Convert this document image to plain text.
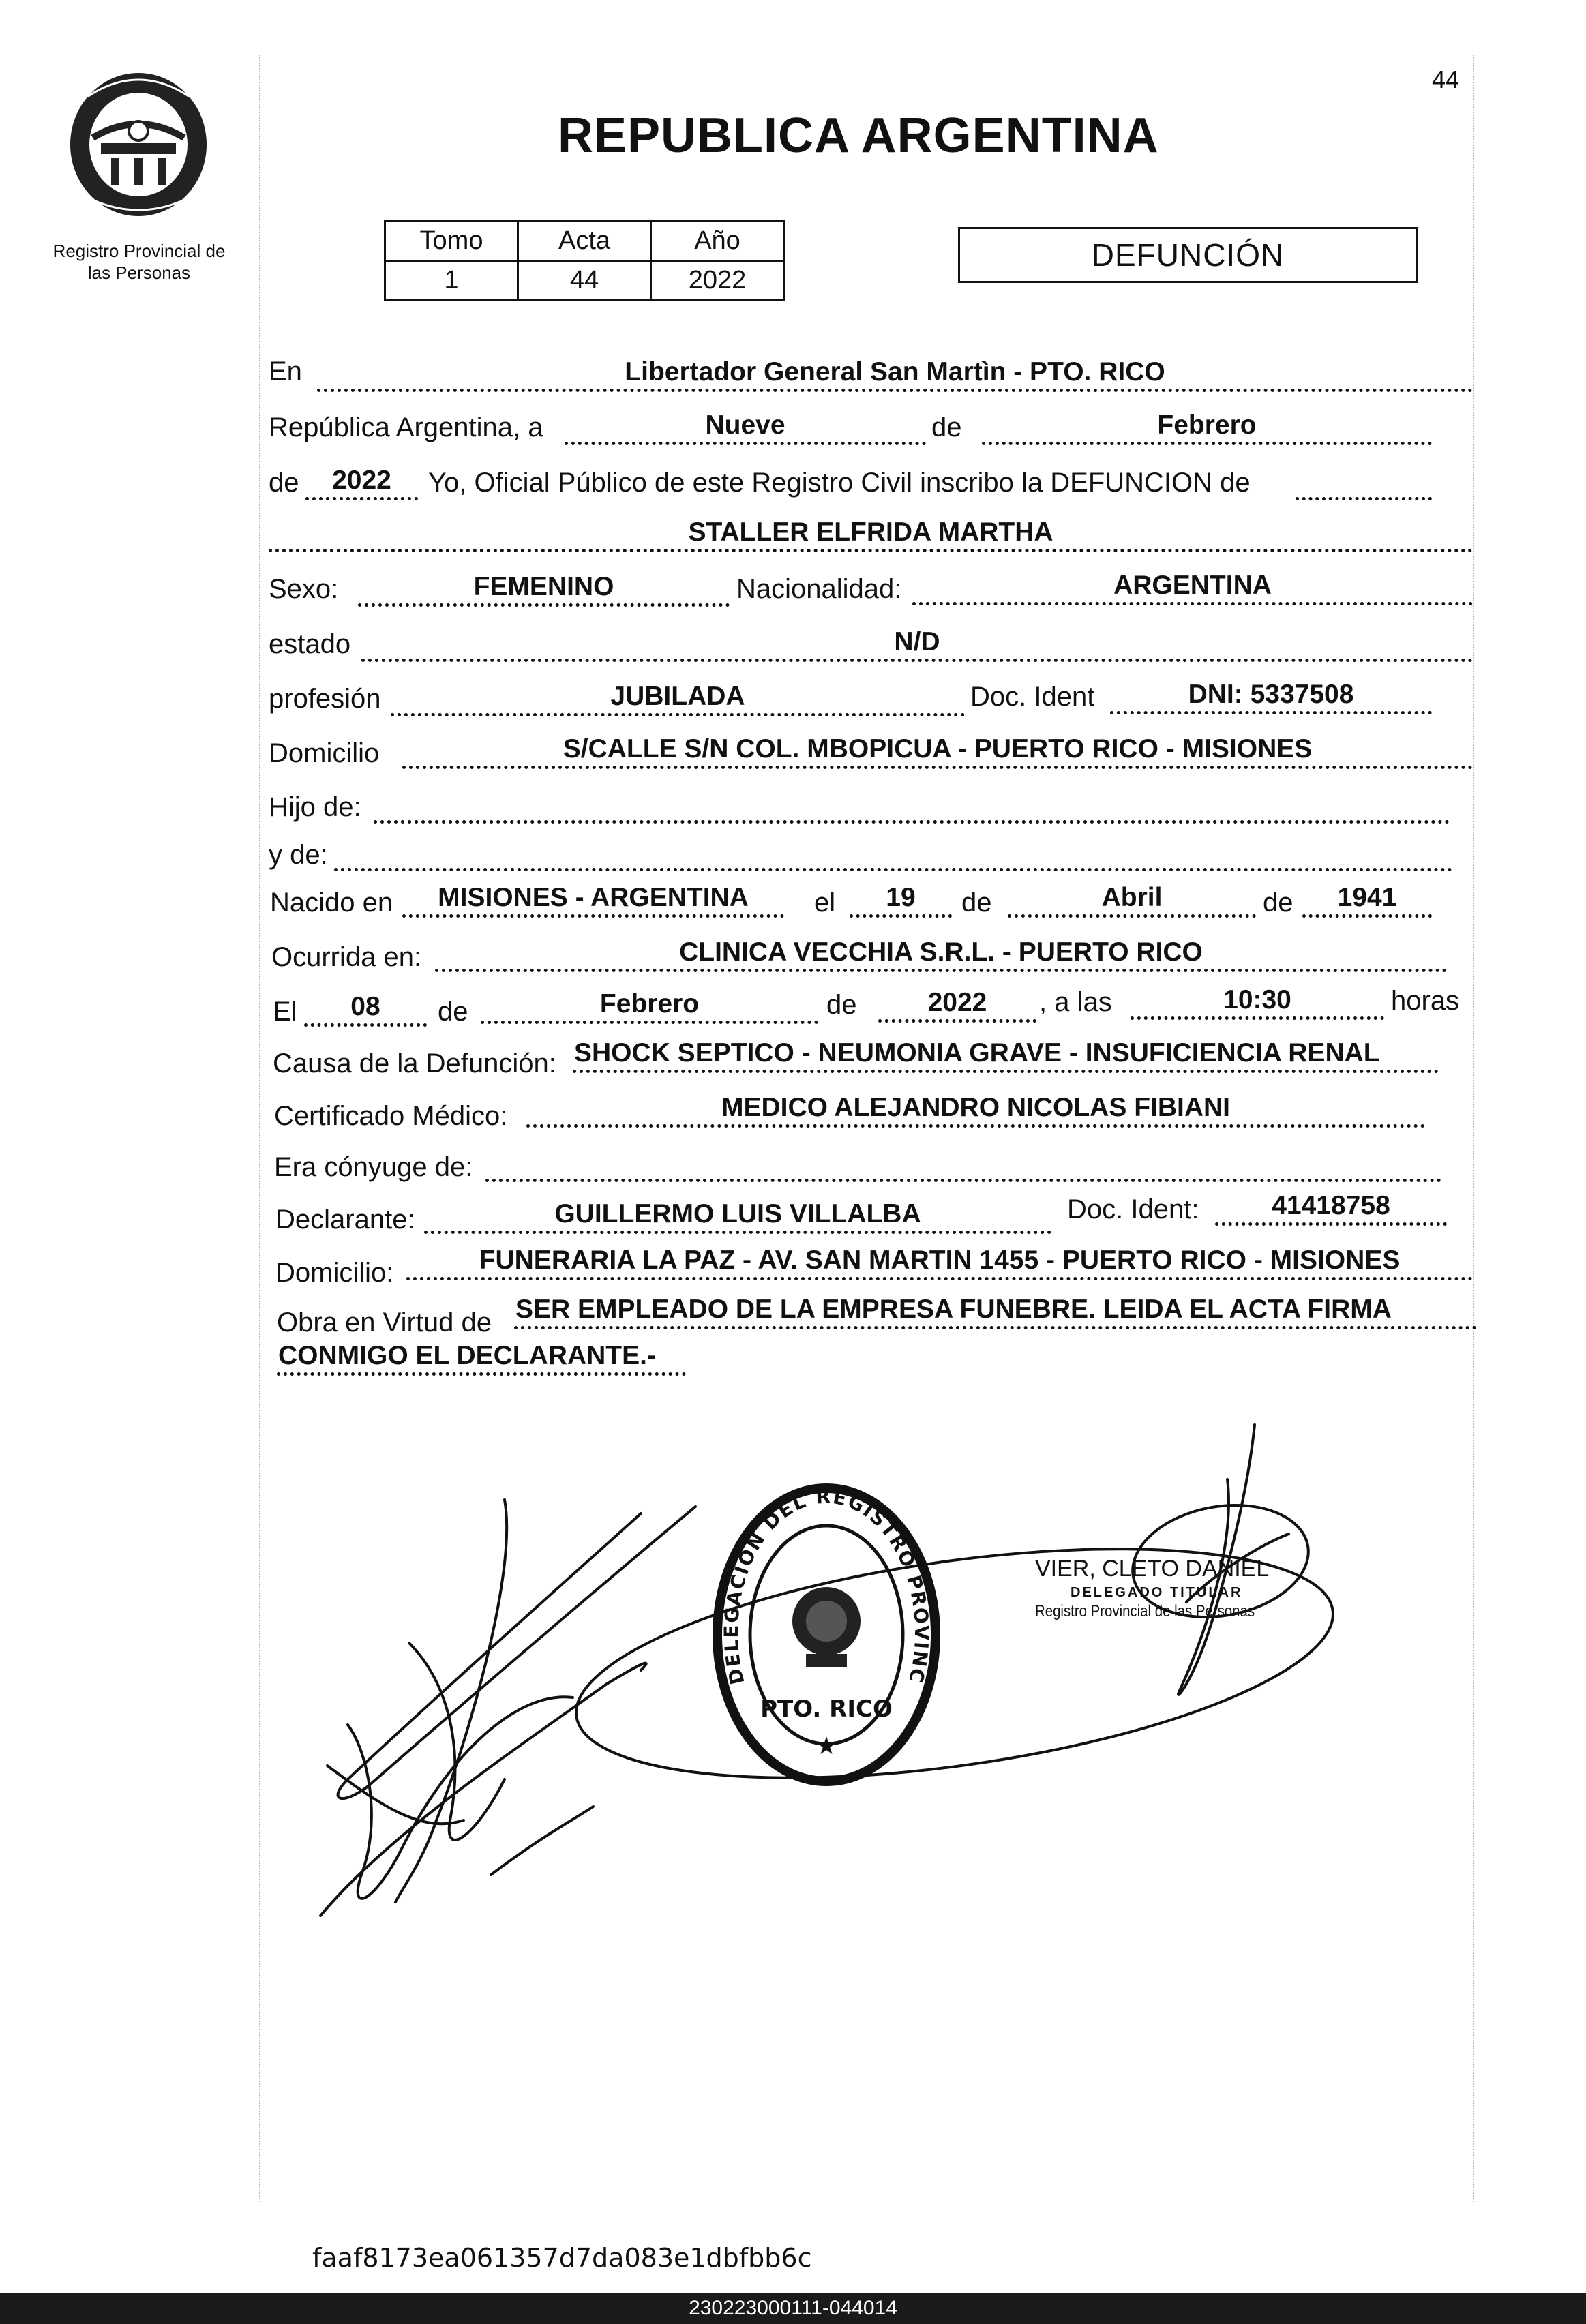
44
Registro Provincial de
las Personas
REPUBLICA ARGENTINA
Tomo	Acta	Año
1	44	2022
DEFUNCIÓN
En	Libertador General San Martìn - PTO. RICO
República Argentina, a	Nueve	de	Febrero
de	2022	Yo, Oficial Público de este Registro Civil inscribo la DEFUNCION de
STALLER ELFRIDA MARTHA
Sexo:	FEMENINO	Nacionalidad:	ARGENTINA
estado	N/D
profesión	JUBILADA	Doc. Ident	DNI: 5337508
Domicilio	S/CALLE S/N COL. MBOPICUA - PUERTO RICO - MISIONES
Hijo de:
y de:
Nacido en	MISIONES - ARGENTINA	el	19	de	Abril	de	1941
Ocurrida en:	CLINICA VECCHIA S.R.L. - PUERTO RICO
El	08	de	Febrero	de	2022	, a las	10:30	horas
Causa de la Defunción: SHOCK SEPTICO - NEUMONIA GRAVE - INSUFICIENCIA RENAL
Certificado Médico:	MEDICO ALEJANDRO NICOLAS FIBIANI
Era cónyuge de:
Declarante:	GUILLERMO LUIS VILLALBA	Doc. Ident:	41418758
Domicilio:	FUNERARIA LA PAZ - AV. SAN MARTIN 1455 - PUERTO RICO - MISIONES
Obra en Virtud de SER EMPLEADO DE LA EMPRESA FUNEBRE. LEIDA EL ACTA FIRMA
CONMIGO EL DECLARANTE.-
DELEGACION DEL REGISTRO PROVINC
PTO. RICO
★
VIER, CLETO DANIEL
DELEGADO TITULAR
Registro Provincial de las Personas
faaf8173ea061357d7da083e1dbfbb6c
230223000111-044014
